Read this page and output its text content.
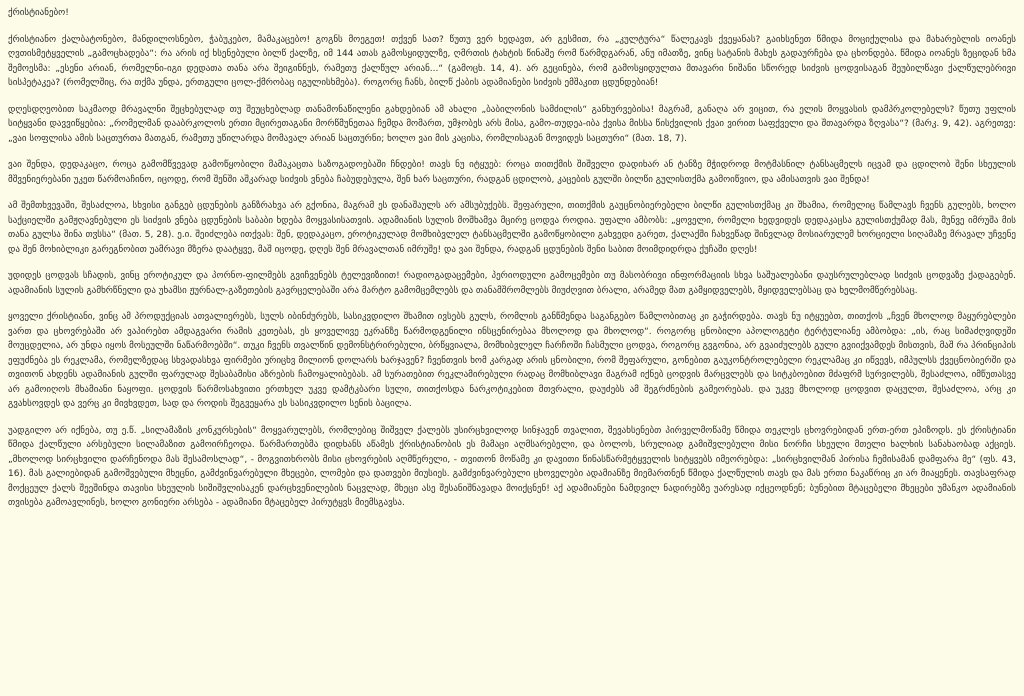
ქრისტიანებო!

ქრისტიანო ქალბატონებო, მანდილოსნებო, ჭაბუკებო, მამაკაცებო! გოგნს მოეგეთ! თქვენ სათ? წუთუ ვერ ხედავთ, არ გესმით, რა „კულტურა“ წალეკავს ქვეყანას? გაიხსენეთ წმიდა მოციქულისა და მახარებლის იოანეს ღვთისმეტყველის „გამოცხადება“: რა არის იქ ხსენებული ბილწ ქალზე, იმ 144 ათას გამოსყიდულზე, ღმრთის ტახტის წინაშე რომ წარმდგარან, ანუ იმათზე, ვინც სატანის მახეს გადაურჩება და ცხონდება. წმიდა იოანეს ზეციდან ხმა შემოესმა: „ესენი არიან, რომელნი-იგი დედათა თანა არა შეიგინნეს, რამეთუ ქალწულ არიან...“ (გამოცხ. 14, 4). არ გეცინება, რომ გამოსყიდულთა მთავარი ნიშანი სწორედ სიძვის ცოდვისაგან შეუბილწავი ქალწულებრივი სისპეტაკეა? (რომელშიც, რა თქმა უნდა, ერთგული ცოლ-ქმრობაც იგულისხმება). როგორც ჩანს, ბილწ ქაბის ადამიანები სიძვის ემშაკით ცდუნდებიან!

დღესდღეობით საკმაოდ მრავალნი შეცხებულად თუ შეუცხებლად თანამონაწილენი გახდებიან ამ ახალი „ბაბილონის სამძილის“ განხურვებისა! მაგრამ, განაღა არ ვიცით, რა ელის მოყვასის დამპრკოლებელს? წუთუ უფლის სიტყვანი დავვიწყებია: „რომელმან დააბრკოლოს ერთი მცირეთაგანი მორწმუნეთაა ჩემდა მომართ, უმჯობეს არს მისა, გამო-თუდეა-იბა ქვისა მისსა წისქვილის ქვაი ვირით საფქველი და შთავარდა ზღვასა“? (მარკ. 9, 42). აგრეთვე: „ვაი სოფლისა ამის საცთურთა მათგან, რამეთუ უწილარდა მომავალ არიან საცთურნი; ხოლო ვაი მის კაცისა, რომლისაგან მოვიდეს საცთური“ (მათ. 18, 7).

ვაი შენდა, დედაკაცო, როცა გამომწვევად გამოწყობილი მამაკაცთა საზოგადოებაში ჩნდები! თავს ნუ იტყუებ: როცა თითქმის შიშველი დადიხარ ან ტანზე მჭიდროდ მოტმასნილ ტანსაცმელს იცვამ და ცდილობ შენი სხეულის მშვენიერებანი უკეთ წარმოაჩინო, იცოდე, რომ შენში აშკარად სიძვის ვნება ჩაბუდებულა, შენ ხარ საცთური, რადგან ცდილობ, კაცების გულში ბილწი გულისთქმა გამოიწვიო, და ამისათვის ვაი შენდა!

ამ შემთხვევაში, შესაძლოა, სხვისი განგებ ცდუნების განზრახვა არ გქონია, მაგრამ ეს დანაშაულს არ ამსუბუქებს. შეფარული, თითქმის გაუცნობიერებელი ბილწი გულისთქმაც კი შხამია, რომელიც წამლავს ჩვენს გულებს, ხოლო საქციელში გამჟღავნებული ეს სიძვის ვნება ცდუნების საბაბი ხდება მოყვასისათვის. ადამიანის სულის მოშხამვა მცირე ცოდვა როდია. უფალი ამბობს: „ყოველი, რომელი ხედვიდეს დედაკაცსა გულისთქუმად მას, მუნვე იმრუშა მის თანა გულსა შინა თჳსსა“ (მათ. 5, 28). ე.ი. შეიძლება ითქვას: შენ, დედაკაცო, ეროტიკულად მომხიბვლელ ტანსაცმელში გამოწყობილი გახვედი გარეთ, ქალაქში ჩახვეწად შინვლად მოსიარულემ ხორციელი სიღამაზე მრავალ უჩვენე და შენ მოხიბლიკი გარეგნობით უამრავი მზერა დაატყვე, მაშ იცოდე, დღეს შენ მრავალთან იმრუშე! და ვაი შენდა, რადგან ცდუნების შენი საბით მოიმდიდრდა ქუჩაში დღეს!

უდიდეს ცოდვას სჩადის, ვინც ეროტიკულ და პორნო-ფილმებს გვიჩვენებს ტელევიზიით! რადიოგადაცემები, პერიოდული გამოცემები თუ მასობრივი ინფორმაციის სხვა საშუალებანი დაუსრულებლად სიძვის ცოდვაზე ქადაგებენ. ადამიანის სულის გამხრწნელი და უხამსი ჟურნალ-გაზეთების გავრცელებაში არა მარტო გამომცემლებს და თანამშრომლებს მიუძღვით ბრალი, არამედ მათ გამყიდველებს, მყიდველებსაც და ხელმომწერებსაც.

ყოველი ქრისტიანი, ვინც ამ პროდუქციას ათვალიერებს, სულს იბინძურებს, სასიკვდილო შხამით ივსებს გულს, რომლის განწმენდა საგანგებო წამლობითაც კი გაჭირდება. თავს ნუ იტყუებთ, თითქოს „ჩვენ მხოლოდ მაყურებლები ვართ და ცხოვრებაში არ ვაპირებთ ამდაგვარი რამის კეთებას, ეს ყოველივე ეკრანზე წარმოდგენილი ინსცენირებაა მხოლოდ და მხოლოდ“. როგორც ცნობილი აპოლოგეტი ტერტულიანე ამბობდა: „ის, რაც სიმაძღვიდეში მოუცდელია, არ უნდა იყოს მოსეულში ნაწარმოებში“. თუკი ჩვენს თვალწინ დემონსტრირებული, ბრწყვიალა, მომხიბვლელ ჩარჩოში ჩასმული ცოდვა, როგორც გვგონია, არ გვაიძულებს გული გვიიქვამდეს მისთვის, მაშ რა პრინციპის ეფუძნება ეს რეკლამა, რომელზედაც სხვადასხვა ფირმები ურიცხვ მილიონ დოლარს ხარჯავენ? ჩვენთვის ხომ კარგად არის ცნობილი, რომ შეფარული, გონებით გაუკონტროლებელი რეკლამაც კი იწვევს, იმპულსს ქვეცნობიერში და თვითონ ახდენს ადამიანის გულში ფარულად შესაბამისი აზრების ჩამოყალიბებას. ამ სურათებით რეკლამირებული რადაც მომხიბლავი მაგრამ იქნებ ცოდვის მარცვლებს და სიტკბოებით მძაფრმ სურვილებს, შესაძლოა, იმწუთასვე არ გამოიღოს მხამიანი ნაყოფი. ცოდვის წარმოსახვითი ერთხელ უკვე დამტკბარი სული, თითქოსდა ნარკოტიკებით მთვრალი, დაუძებს ამ შეგრძნების გამეორებას. და უკვე მხოლოდ ცოდვით დაცულთ, შესაძლოა, არც კი გვახსოვდეს და ვერც კი მივხვდეთ, სად და როდის შეგვეყარა ეს სასიკვდილო სენის ბაცილა.

უადგილო არ იქნება, თუ ე.წ. „სილამაზის კონკურსების“ მოყვარულებს, რომლებიც შიშველ ქალებს უსირცხვილოდ სინჯავენ თვალით, შევახსენებთ პირველმოწამე წმიდა თეკლეს ცხოვრებიდან ერთ-ერთ ეპიზოდს. ეს ქრისტიანი წმიდა ქალწული არსებული სილამაზით გამოირჩეოდა. წარმართებმა დიდხანს აწამეს ქრისტიანობის ეს მამაცი აღმსარებელი, და ბოლოს, სრულიად გამიშვლებული მისი ნორჩი სხეული მთელი ხალხის სანახაობად აქციეს. „მხოლოდ სირცხვილი დარჩენოდა მას შესამოსლად“, - მოგვითხრობს მისი ცხოვრების აღმწერელი, - თვითონ მოწამე კი დავითი წინასწარმეტყველის სიტყვებს იმეორებდა: „სირცხვილმან პირისა ჩემისამან დამფარა მე“ (ფს. 43, 16). მას გალიებიდან გამოშვებული მხეცნი, გამძვინვარებული მხეცები, ლომები და დათვები მიუსიეს. გამძვინვარებული ცხოველები ადამიანზე მიემართნენ წმიდა ქალწულის თავს და მას ერთი ნაკაწრიც კი არ მიაყენეს. თავსაფრად მოქცეულ ქალს შეეშინდა თავისი სხეულის სიშიშვლისაკენ დარცხვენილების ნაცვლად, მხეცი ასე შესანიშნავადა მოიქცნენ! აქ ადამიანები ნამდვილ ნადირებზე უარესად იქცეოდნენ; ბუნებით მტაცებელი მხეცები უმანკო ადამიანის თვისება გამოავლინეს, ხოლო გონიერი არსება - ადამიანი მტაცებელ პირუტყვს მიემსგავსა.
